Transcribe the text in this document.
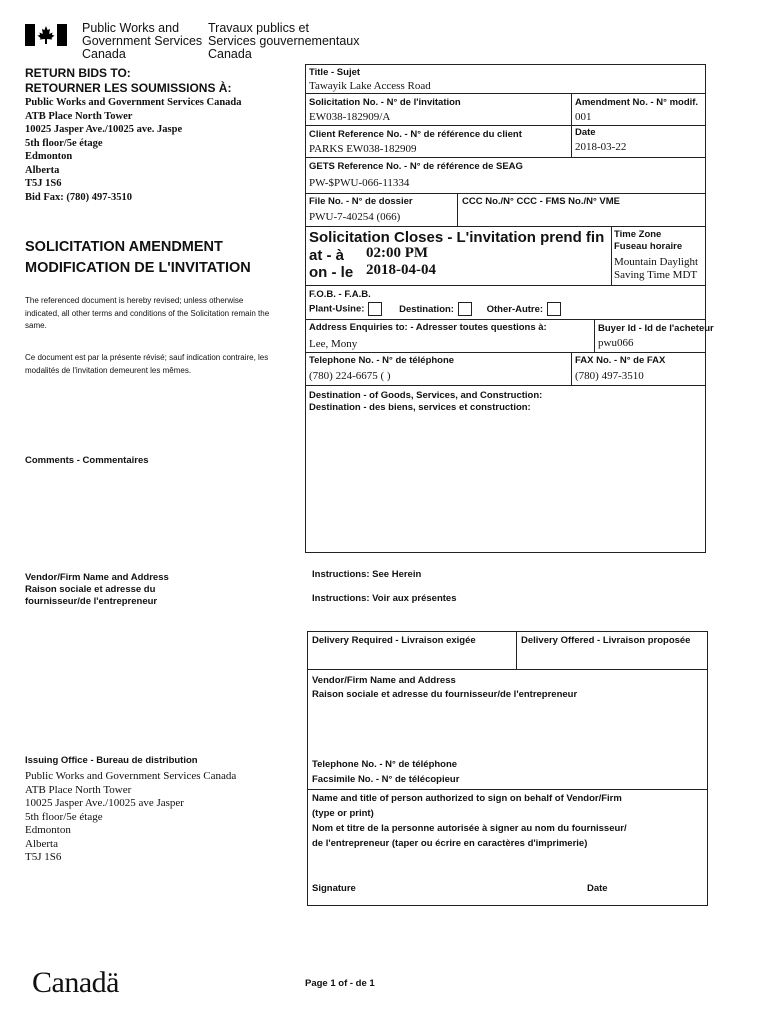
Public Works and
Government Services
Canada
Travaux publics et
Services gouvernementaux
Canada
RETURN BIDS TO:
RETOURNER LES SOUMISSIONS À:
Public Works and Government Services Canada
ATB Place North Tower
10025 Jasper Ave./10025 ave. Jaspe
5th floor/5e étage
Edmonton
Alberta
T5J 1S6
Bid Fax: (780) 497-3510
SOLICITATION AMENDMENT
MODIFICATION DE L'INVITATION
The referenced document is hereby revised; unless otherwise indicated, all other terms and conditions of the Solicitation remain the same.
Ce document est par la présente révisé; sauf indication contraire, les modalités de l'invitation demeurent les mêmes.
Comments - Commentaires
Vendor/Firm Name and Address
Raison sociale et adresse du
fournisseur/de l'entrepreneur
Issuing Office - Bureau de distribution
Public Works and Government Services Canada
ATB Place North Tower
10025 Jasper Ave./10025 ave Jasper
5th floor/5e étage
Edmonton
Alberta
T5J 1S6
Title - Sujet
Tawayik Lake Access Road
Solicitation No. - N° de l'invitation
EW038-182909/A
Amendment No. - N° modif.
001
Client Reference No. - N° de référence du client
PARKS EW038-182909
Date
2018-03-22
GETS Reference No. - N° de référence de SEAG
PW-$PWU-066-11334
File No. - N° de dossier
PWU-7-40254 (066)
CCC No./N° CCC - FMS No./N° VME
Solicitation Closes - L'invitation prend fin
at - à 02:00 PM
on - le 2018-04-04
Time Zone
Fuseau horaire
Mountain Daylight
Saving Time MDT
F.O.B. - F.A.B.
Plant-Usine:	Destination:	Other-Autre:
Address Enquiries to: - Adresser toutes questions à:
Lee, Mony
Buyer Id - Id de l'acheteur
pwu066
Telephone No. - N° de téléphone
(780) 224-6675 ( )
FAX No. - N° de FAX
(780) 497-3510
Destination - of Goods, Services, and Construction:
Destination - des biens, services et construction:
Instructions: See Herein
Instructions: Voir aux présentes
Delivery Required - Livraison exigée	Delivery Offered - Livraison proposée
Vendor/Firm Name and Address
Raison sociale et adresse du fournisseur/de l'entrepreneur
Telephone No. - N° de téléphone
Facsimile No. - N° de télécopieur
Name and title of person authorized to sign on behalf of Vendor/Firm
(type or print)
Nom et titre de la personne autorisée à signer au nom du fournisseur/
de l'entrepreneur (taper ou écrire en caractères d'imprimerie)
Signature	Date
Canadä	Page 1 of - de 1
